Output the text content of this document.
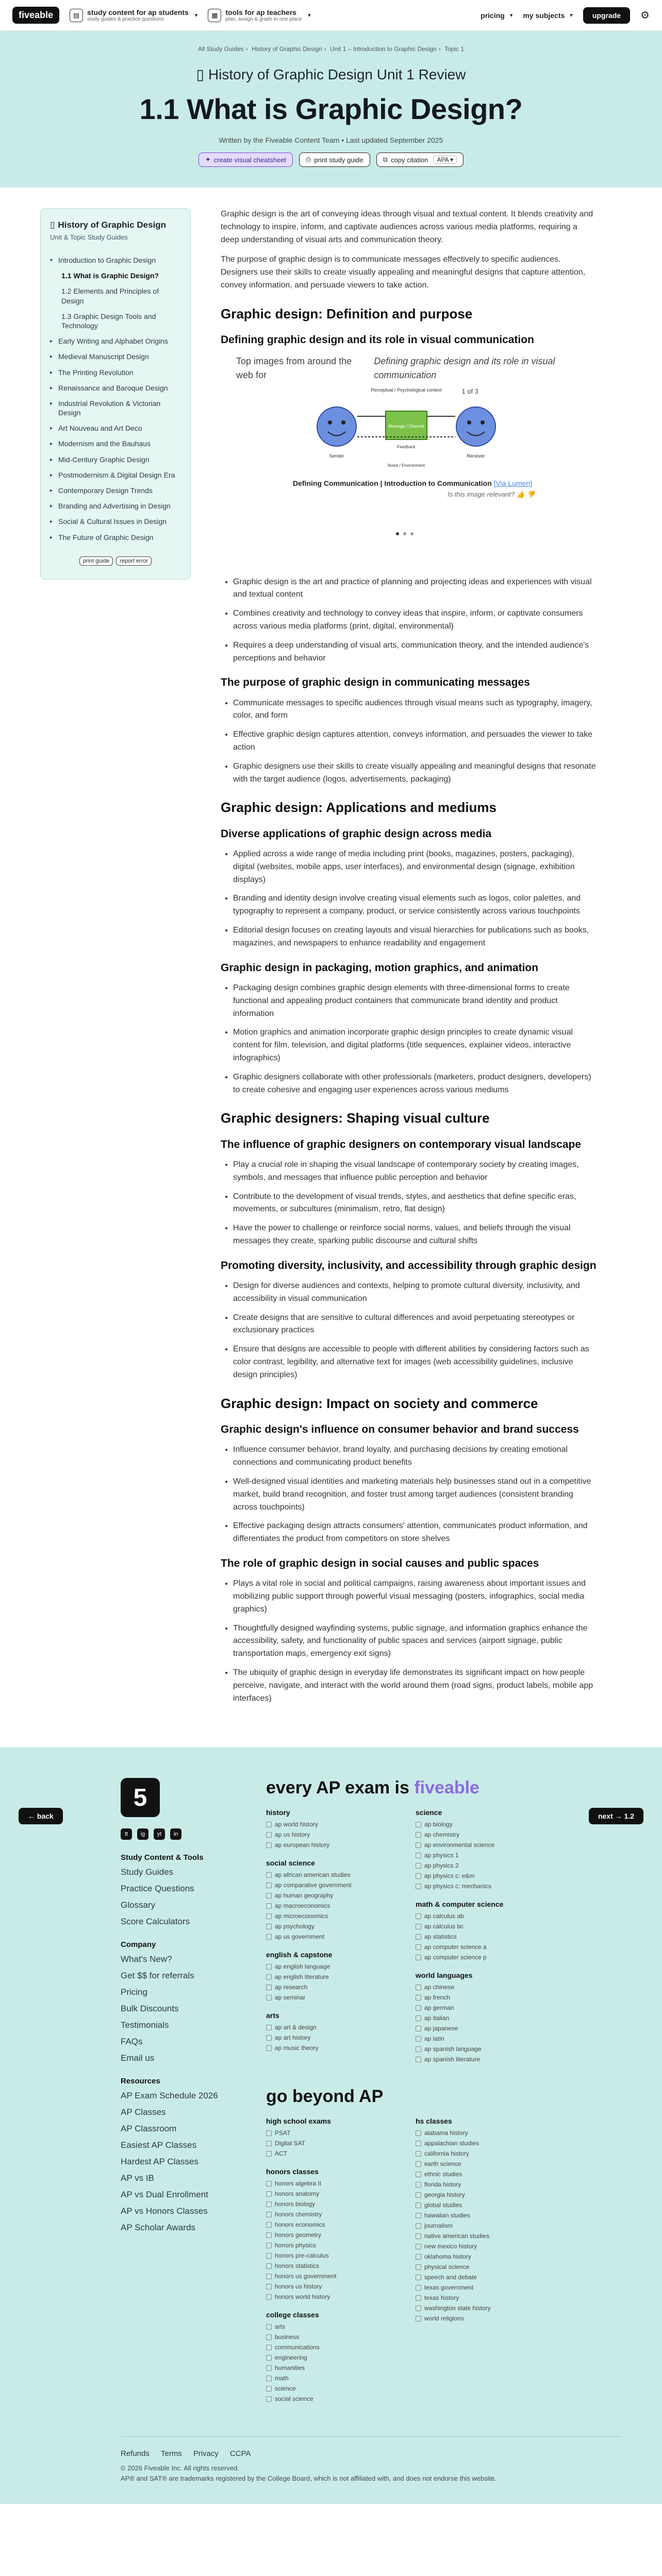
fiveable	▤	study content for ap students
study guides & practice questions
▾	▦	tools for ap teachers
plan, assign & grade in one place
▾	pricing ▾ my subjects ▾	upgrade	⚙
All Study Guides › History of Graphic Design › Unit 1 – Introduction to Graphic Design › Topic 1
▯ History of Graphic Design Unit 1 Review
1.1 What is Graphic Design?
Written by the Fiveable Content Team • Last updated September 2025
✦ create visual cheatsheet	⎙ print study guide	⧉ copy citation	APA ▾
▯ History of Graphic Design
Unit & Topic Study Guides
▾ Introduction to Graphic Design
1.1 What is Graphic Design?
1.2 Elements and Principles of Design
1.3 Graphic Design Tools and Technology
▸ Early Writing and Alphabet Origins
▸ Medieval Manuscript Design
▸ The Printing Revolution
▸ Renaissance and Baroque Design
▸ Industrial Revolution & Victorian Design
▸ Art Nouveau and Art Deco
▸ Modernism and the Bauhaus
▸ Mid-Century Graphic Design
▸ Postmodernism & Digital Design Era
▸ Contemporary Design Trends
▸ Branding and Advertising in Design
▸ Social & Cultural Issues in Design
▸ The Future of Graphic Design
print guide	report error

Graphic design is the art of conveying ideas through visual and textual content. It blends creativity and technology to inspire, inform, and captivate audiences across various media platforms, requiring a deep understanding of visual arts and communication theory.

The purpose of graphic design is to communicate messages effectively to specific audiences. Designers use their skills to create visually appealing and meaningful designs that capture attention, convey information, and persuade viewers to take action.

Graphic design: Definition and purpose
Defining graphic design and its role in visual communication
Top images from around the web for
Defining graphic design and its role in visual communication
1 of 3
Perceptual / Psychological context
Message / Channel
Sender	Receiver
Feedback
Noise / Environment
Defining Communication | Introduction to Communication [Via Lumen]
Is this image relevant? 👍 👎
• Graphic design is the art and practice of planning and projecting ideas and experiences with visual and textual content
• Combines creativity and technology to convey ideas that inspire, inform, or captivate consumers across various media platforms (print, digital, environmental)
• Requires a deep understanding of visual arts, communication theory, and the intended audience's perceptions and behavior
The purpose of graphic design in communicating messages
• Communicate messages to specific audiences through visual means such as typography, imagery, color, and form
• Effective graphic design captures attention, conveys information, and persuades the viewer to take action
• Graphic designers use their skills to create visually appealing and meaningful designs that resonate with the target audience (logos, advertisements, packaging)
Graphic design: Applications and mediums
Diverse applications of graphic design across media
• Applied across a wide range of media including print (books, magazines, posters, packaging), digital (websites, mobile apps, user interfaces), and environmental design (signage, exhibition displays)
• Branding and identity design involve creating visual elements such as logos, color palettes, and typography to represent a company, product, or service consistently across various touchpoints
• Editorial design focuses on creating layouts and visual hierarchies for publications such as books, magazines, and newspapers to enhance readability and engagement
Graphic design in packaging, motion graphics, and animation
• Packaging design combines graphic design elements with three-dimensional forms to create functional and appealing product containers that communicate brand identity and product information
• Motion graphics and animation incorporate graphic design principles to create dynamic visual content for film, television, and digital platforms (title sequences, explainer videos, interactive infographics)
• Graphic designers collaborate with other professionals (marketers, product designers, developers) to create cohesive and engaging user experiences across various mediums
Graphic designers: Shaping visual culture
The influence of graphic designers on contemporary visual landscape
• Play a crucial role in shaping the visual landscape of contemporary society by creating images, symbols, and messages that influence public perception and behavior
• Contribute to the development of visual trends, styles, and aesthetics that define specific eras, movements, or subcultures (minimalism, retro, flat design)
• Have the power to challenge or reinforce social norms, values, and beliefs through the visual messages they create, sparking public discourse and cultural shifts
Promoting diversity, inclusivity, and accessibility through graphic design
• Design for diverse audiences and contexts, helping to promote cultural diversity, inclusivity, and accessibility in visual communication
• Create designs that are sensitive to cultural differences and avoid perpetuating stereotypes or exclusionary practices
• Ensure that designs are accessible to people with different abilities by considering factors such as color contrast, legibility, and alternative text for images (web accessibility guidelines, inclusive design principles)
Graphic design: Impact on society and commerce
Graphic design's influence on consumer behavior and brand success
• Influence consumer behavior, brand loyalty, and purchasing decisions by creating emotional connections and communicating product benefits
• Well-designed visual identities and marketing materials help businesses stand out in a competitive market, build brand recognition, and foster trust among target audiences (consistent branding across touchpoints)
• Effective packaging design attracts consumers' attention, communicates product information, and differentiates the product from competitors on store shelves
The role of graphic design in social causes and public spaces
• Plays a vital role in social and political campaigns, raising awareness about important issues and mobilizing public support through powerful visual messaging (posters, infographics, social media graphics)
• Thoughtfully designed wayfinding systems, public signage, and information graphics enhance the accessibility, safety, and functionality of public spaces and services (airport signage, public transportation maps, emergency exit signs)
• The ubiquity of graphic design in everyday life demonstrates its significant impact on how people perceive, navigate, and interact with the world around them (road signs, product labels, mobile app interfaces)
← back	next → 1.2
5
tt	ig	yt	in
Study Content & Tools
Study Guides
Practice Questions
Glossary
Score Calculators
Company
What's New?
Get $$ for referrals
Pricing
Bulk Discounts
Testimonials
FAQs
Email us
Resources
AP Exam Schedule 2026
AP Classes
AP Classroom
Easiest AP Classes
Hardest AP Classes
AP vs IB
AP vs Dual Enrollment
AP vs Honors Classes
AP Scholar Awards
every AP exam is fiveable
history
ap world history
ap us history
ap european history
social science
ap african american studies
ap comparative government
ap human geography
ap macroeconomics
ap microeconomics
ap psychology
ap us government
english & capstone
ap english language
ap english literature
ap research
ap seminar
arts
ap art & design
ap art history
ap music theory
science
ap biology
ap chemistry
ap environmental science
ap physics 1
ap physics 2
ap physics c: e&m
ap physics c: mechanics
math & computer science
ap calculus ab
ap calculus bc
ap statistics
ap computer science a
ap computer science p
world languages
ap chinese
ap french
ap german
ap italian
ap japanese
ap latin
ap spanish language
ap spanish literature
go beyond AP
high school exams
PSAT
Digital SAT
ACT
honors classes
honors algebra II
honors anatomy
honors biology
honors chemistry
honors economics
honors geometry
honors physics
honors pre-calculus
honors statistics
honors us government
honors us history
honors world history
college classes
arts
business
communications
engineering
humanities
math
science
social science
hs classes
alabama history
appalachian studies
california history
earth science
ethnic studies
florida history
georgia history
global studies
hawaiian studies
journalism
native american studies
new mexico history
oklahoma history
physical science
speech and debate
texas government
texas history
washington state history
world religions
Refunds Terms Privacy CCPA
© 2026 Fiveable Inc. All rights reserved.
AP® and SAT® are trademarks registered by the College Board, which is not affiliated with, and does not endorse this website.
